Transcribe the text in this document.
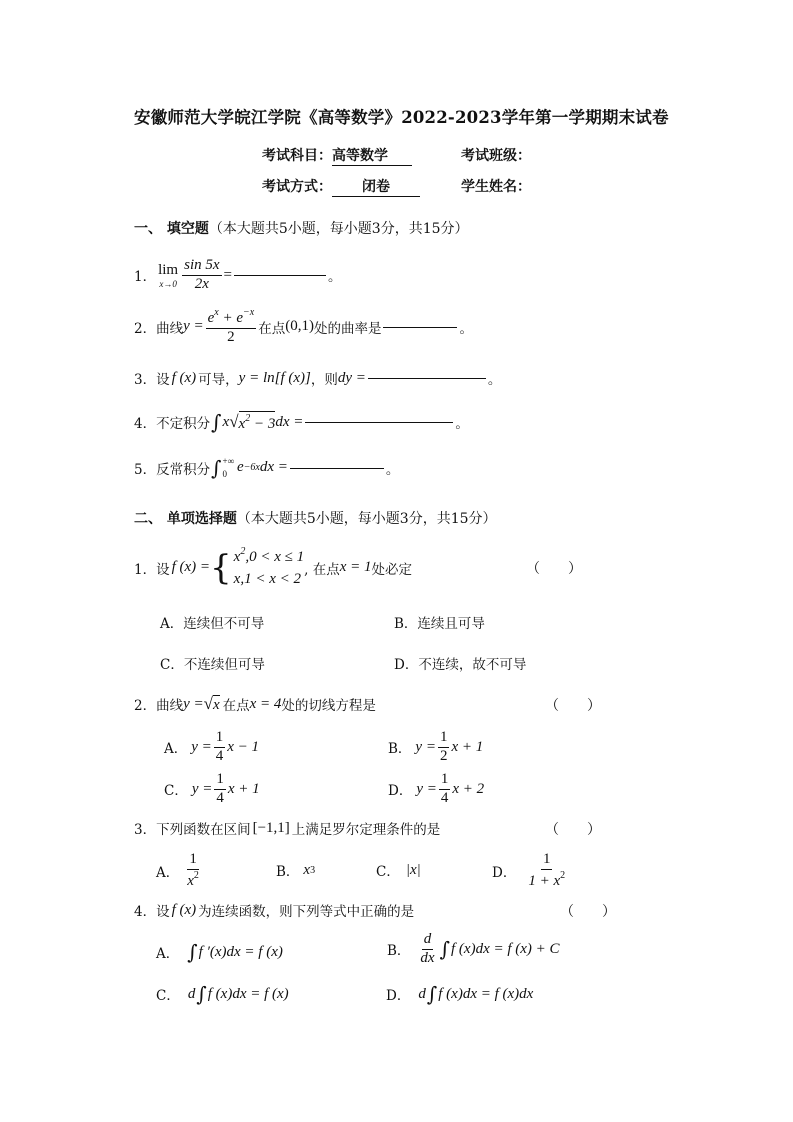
安徽师范大学皖江学院《高等数学》2022-2023学年第一学期期末试卷
考试科目：高等数学	考试班级：
考试方式： 闭卷	学生姓名：
一、 填空题（本大题共5小题，每小题3分，共15分）
1． lim
$x\to 0 \frac{\sin 5x}{2x}$ =	。
2． 曲线 $y = \frac{e^x + e^{-x}}{2}$ 在点 (0,1) 处的曲率是	。
3． 设 f (x) 可导， y = ln[f (x)] ，则 dy =	。
4． 不定积分 ∫ x √ $x^2 - 3$ dx =	。
5． 反常积分 ∫ +∞
0 e −6x dx =	。
二、 单项选择题（本大题共5小题，每小题3分，共15分）
1． 设 f (x) = { $x^2,0 < x \le 1$
x,1 < x < 2
, 在点 x = 1 处必定	（　　）
A．连续但不可导	B．连续且可导
C．不连续但可导	D．不连续，故不可导
2． 曲线 y = √ x 在点 x = 4 处的切线方程是	（　　）
A． $y = \frac{1}{4}$ x − 1	B． $y = \frac{1}{2}$ x + 1
C． $y = \frac{1}{4}$ x + 1	D． $y = \frac{1}{4}$ x + 2
3． 下列函数在区间 [−1,1] 上满足罗尔定理条件的是	（　　）
A． $\frac{1}{x^2}$	B． x 3	C． |x|	D． $\frac{1}{1 + x^2}$
4． 设 f (x) 为连续函数，则下列等式中正确的是	（　　）
A． ∫ f ′(x)dx = f (x)	B． $\frac{d}{dx}$ ∫ f (x)dx = f (x) + C
C． d ∫ f (x)dx = f (x)	D． d ∫ f (x)dx = f (x)dx
